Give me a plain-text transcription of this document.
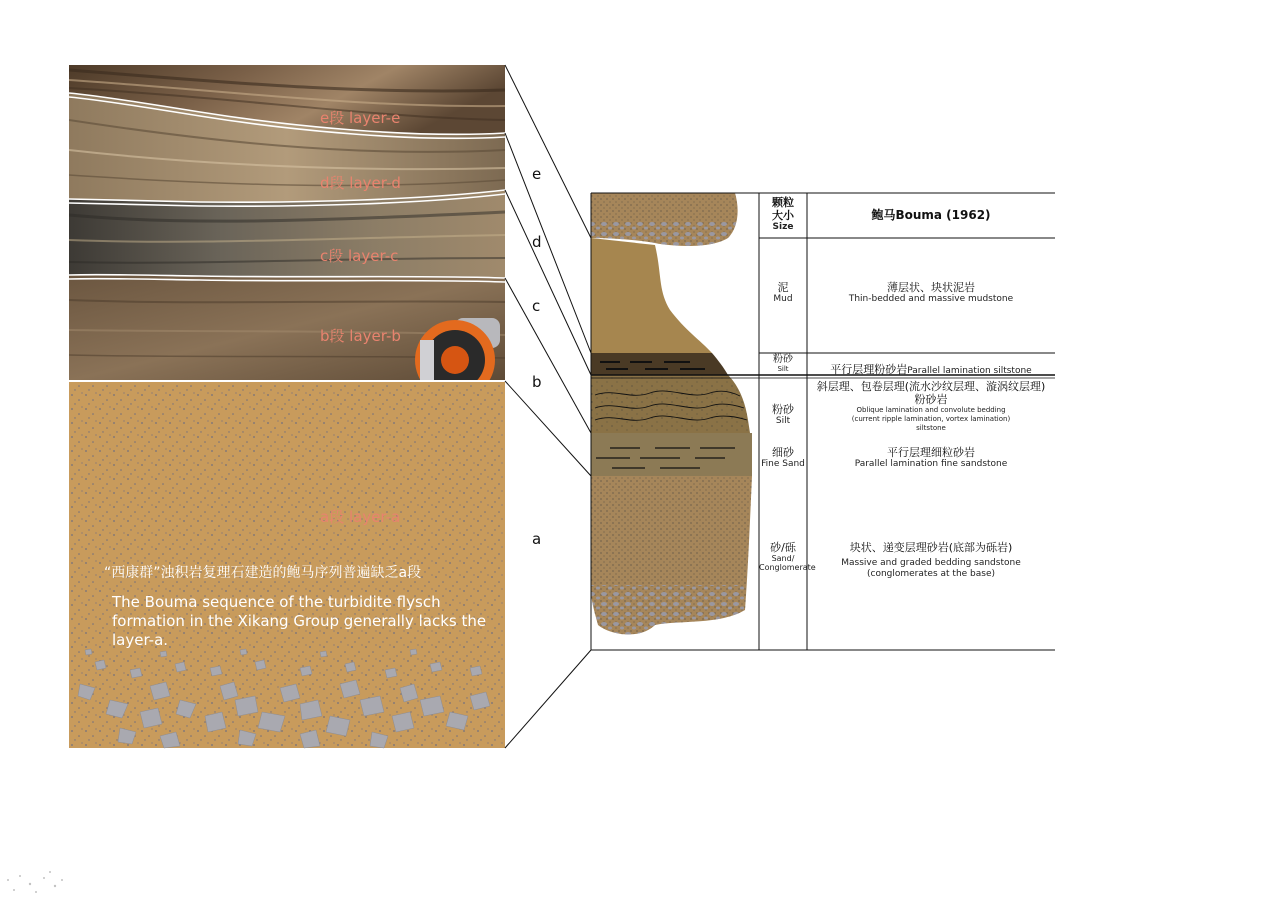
e段 layer-e
d段 layer-d
c段 layer-c
b段 layer-b
a段 layer-a
“西康群”浊积岩复理石建造的鲍马序列普遍缺乏a段
The Bouma sequence of the turbidite flysch formation in the Xikang Group generally lacks the layer-a.
e
d
c
b
a
颗粒
大小
Size
鲍马Bouma (1962)
泥
Mud
薄层状、块状泥岩
Thin-bedded and massive mudstone
粉砂
Silt	平行层理粉砂岩Parallel lamination siltstone
粉砂
Silt
斜层理、包卷层理(流水沙纹层理、漩涡纹层理)
粉砂岩
Oblique lamination and convolute bedding
(current ripple lamination, vortex lamination)
siltstone
细砂
Fine Sand
平行层理细粒砂岩
Parallel lamination fine sandstone
砂/砾
Sand/
Conglomerate
块状、递变层理砂岩(底部为砾岩)
Massive and graded bedding sandstone
(conglomerates at the base)
